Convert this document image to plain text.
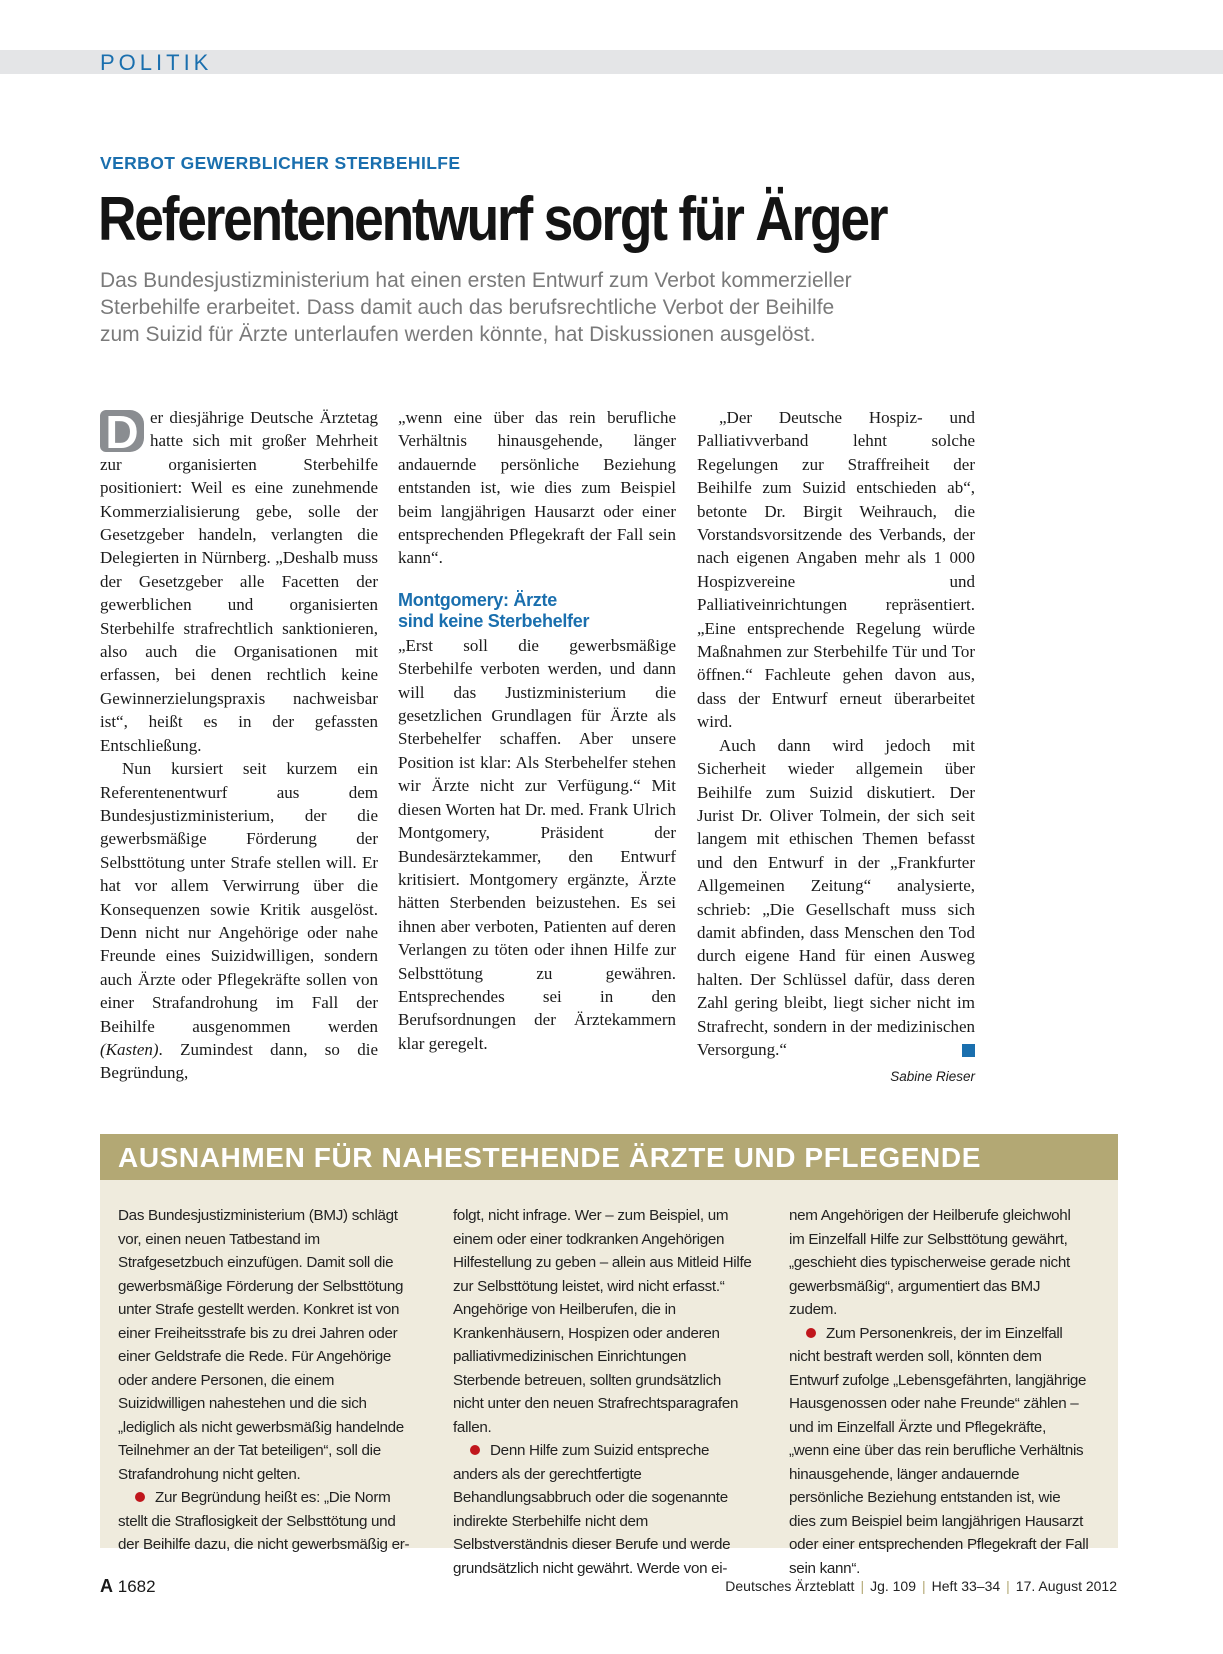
POLITIK
VERBOT GEWERBLICHER STERBEHILFE
Referentenentwurf sorgt für Ärger
Das Bundesjustizministerium hat einen ersten Entwurf zum Verbot kommerzieller
Sterbehilfe erarbeitet. Dass damit auch das berufsrechtliche Verbot der Beihilfe
zum Suizid für Ärzte unterlaufen werden könnte, hat Diskussionen ausgelöst.

D er diesjährige Deutsche Ärztetag hatte sich mit großer Mehrheit zur organisierten Sterbehilfe positioniert: Weil es eine zunehmende Kommerzialisierung gebe, solle der Gesetzgeber handeln, verlangten die Delegierten in Nürnberg. „Deshalb muss der Gesetzgeber alle Facetten der gewerblichen und organisierten Sterbehilfe strafrechtlich sanktionieren, also auch die Organisationen mit erfassen, bei denen rechtlich keine Gewinnerzielungspraxis nachweisbar ist“, heißt es in der gefassten Entschließung.

Nun kursiert seit kurzem ein Referentenentwurf aus dem Bundesjustizministerium, der die gewerbsmäßige Förderung der Selbsttötung unter Strafe stellen will. Er hat vor allem Verwirrung über die Konsequenzen sowie Kritik ausgelöst. Denn nicht nur Angehörige oder nahe Freunde eines Suizidwilligen, sondern auch Ärzte oder Pflegekräfte sollen von einer Strafandrohung im Fall der Beihilfe ausgenommen werden (Kasten). Zumindest dann, so die Begründung,

„wenn eine über das rein berufliche Verhältnis hinausgehende, länger andauernde persönliche Beziehung entstanden ist, wie dies zum Beispiel beim langjährigen Hausarzt oder einer entsprechenden Pflegekraft der Fall sein kann“.

Montgomery: Ärzte
sind keine Sterbehelfer

„Erst soll die gewerbsmäßige Sterbehilfe verboten werden, und dann will das Justizministerium die gesetzlichen Grundlagen für Ärzte als Sterbehelfer schaffen. Aber unsere Position ist klar: Als Sterbehelfer stehen wir Ärzte nicht zur Verfügung.“ Mit diesen Worten hat Dr. med. Frank Ulrich Montgomery, Präsident der Bundesärztekammer, den Entwurf kritisiert. Montgomery ergänzte, Ärzte hätten Sterbenden beizustehen. Es sei ihnen aber verboten, Patienten auf deren Verlangen zu töten oder ihnen Hilfe zur Selbsttötung zu gewähren. Entsprechendes sei in den Berufsordnungen der Ärztekammern klar geregelt.

„Der Deutsche Hospiz- und Palliativverband lehnt solche Regelungen zur Straffreiheit der Beihilfe zum Suizid entschieden ab“, betonte Dr. Birgit Weihrauch, die Vorstandsvorsitzende des Verbands, der nach eigenen Angaben mehr als 1 000 Hospizvereine und Palliativeinrichtungen repräsentiert. „Eine entsprechende Regelung würde Maßnahmen zur Sterbehilfe Tür und Tor öffnen.“ Fachleute gehen davon aus, dass der Entwurf erneut überarbeitet wird.

Auch dann wird jedoch mit Sicherheit wieder allgemein über Beihilfe zum Suizid diskutiert. Der Jurist Dr. Oliver Tolmein, der sich seit langem mit ethischen Themen befasst und den Entwurf in der „Frankfurter Allgemeinen Zeitung“ analysierte, schrieb: „Die Gesellschaft muss sich damit abfinden, dass Menschen den Tod durch eigene Hand für einen Ausweg halten. Der Schlüssel dafür, dass deren Zahl gering bleibt, liegt sicher nicht im Strafrecht, sondern in der medizinischen Versorgung.“

Sabine Rieser
AUSNAHMEN FÜR NAHESTEHENDE ÄRZTE UND PFLEGENDE

Das Bundesjustizministerium (BMJ) schlägt vor, einen neuen Tatbestand im Strafgesetzbuch einzufügen. Damit soll die gewerbsmäßige Förderung der Selbsttötung unter Strafe gestellt werden. Konkret ist von einer Freiheitsstrafe bis zu drei Jahren oder einer Geldstrafe die Rede. Für Angehörige oder andere Personen, die einem Suizidwilligen nahestehen und die sich „lediglich als nicht gewerbsmäßig handelnde Teilnehmer an der Tat beteiligen“, soll die Strafandrohung nicht gelten.

Zur Begründung heißt es: „Die Norm stellt die Straflosigkeit der Selbsttötung und der Beihilfe dazu, die nicht gewerbsmäßig er-

folgt, nicht infrage. Wer – zum Beispiel, um einem oder einer todkranken Angehörigen Hilfestellung zu geben – allein aus Mitleid Hilfe zur Selbsttötung leistet, wird nicht erfasst.“ Angehörige von Heilberufen, die in Krankenhäusern, Hospizen oder anderen palliativmedizinischen Einrichtungen Sterbende betreuen, sollten grundsätzlich nicht unter den neuen Strafrechtsparagrafen fallen.

Denn Hilfe zum Suizid entspreche anders als der gerechtfertigte Behandlungsabbruch oder die sogenannte indirekte Sterbehilfe nicht dem Selbstverständnis dieser Berufe und werde grundsätzlich nicht gewährt. Werde von ei-

nem Angehörigen der Heilberufe gleichwohl im Einzelfall Hilfe zur Selbsttötung gewährt, „geschieht dies typischerweise gerade nicht gewerbsmäßig“, argumentiert das BMJ zudem.

Zum Personenkreis, der im Einzelfall nicht bestraft werden soll, könnten dem Entwurf zufolge „Lebensgefährten, langjährige Hausgenossen oder nahe Freunde“ zählen – und im Einzelfall Ärzte und Pflegekräfte, „wenn eine über das rein berufliche Verhältnis hinausgehende, länger andauernde persönliche Beziehung entstanden ist, wie dies zum Beispiel beim langjährigen Hausarzt oder einer entsprechenden Pflegekraft der Fall sein kann“.

A 1682	Deutsches Ärzteblatt | Jg. 109 | Heft 33–34 | 17. August 2012
